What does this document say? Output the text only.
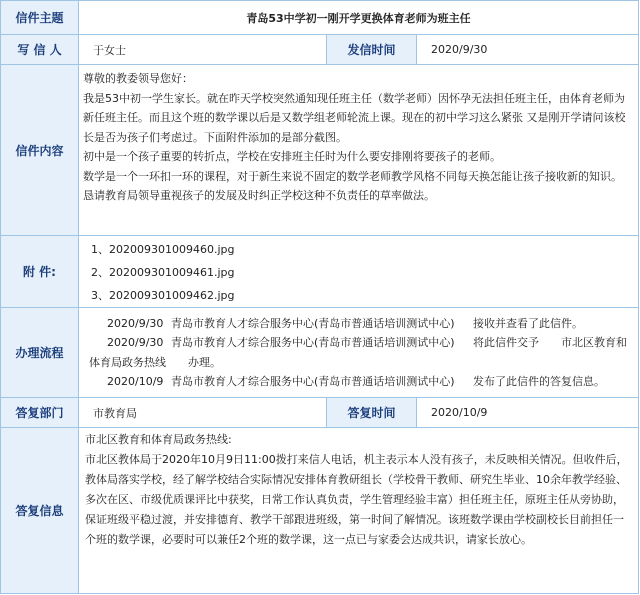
信件主题	青岛53中学初一刚开学更换体育老师为班主任		
写 信 人	于女士	发信时间	2020/9/30
信件内容	尊敬的教委领导您好：

我是53中初一学生家长。就在昨天学校突然通知现任班主任（数学老师）因怀孕无法担任班主任，由体育老师为新任班主任。而且这个班的数学课以后是又数学组老师轮流上课。现在的初中学习这么紧张 又是刚开学请问该校长是否为孩子们考虑过。下面附件添加的是部分截图。

初中是一个孩子重要的转折点，学校在安排班主任时为什么要安排刚将要孩子的老师。

数学是一个一环扣一环的课程，对于新生来说不固定的数学老师教学风格不同每天换怎能让孩子接收新的知识。

恳请教育局领导重视孩子的发展及时纠正学校这种不负责任的草率做法。		

附 件:	1、202009301009460.jpg
2、202009301009461.jpg
3、202009301009462.jpg		

办理流程	2020/9/30 青岛市教育人才综合服务中心(青岛市普通话培训测试中心) 接收并查看了此信件。
2020/9/30 青岛市教育人才综合服务中心(青岛市普通话培训测试中心) 将此信件交予　　市北区教育和
体育局政务热线　　办理。
2020/10/9 青岛市教育人才综合服务中心(青岛市普通话培训测试中心) 发布了此信件的答复信息。		

答复部门	市教育局	答复时间	2020/10/9
答复信息	市北区教育和体育局政务热线:

市北区教体局于2020年10月9日11:00拨打来信人电话，机主表示本人没有孩子，未反映相关情况。但收件后，教体局落实学校，经了解学校结合实际情况安排体育教研组长（学校骨干教师、研究生毕业、10余年教学经验、多次在区、市级优质课评比中获奖，日常工作认真负责，学生管理经验丰富）担任班主任，原班主任从旁协助，保证班级平稳过渡，并安排德育、教学干部跟进班级，第一时间了解情况。该班数学课由学校副校长目前担任一个班的数学课，必要时可以兼任2个班的数学课，这一点已与家委会达成共识，请家长放心。		
